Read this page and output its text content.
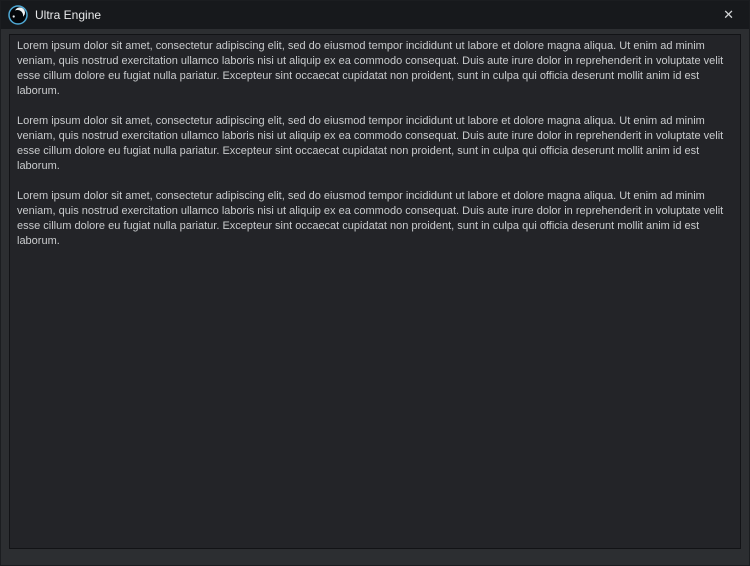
Ultra Engine	✕

Lorem ipsum dolor sit amet, consectetur adipiscing elit, sed do eiusmod tempor incididunt ut labore et dolore magna aliqua. Ut enim ad minim veniam, quis nostrud exercitation ullamco laboris nisi ut aliquip ex ea commodo consequat. Duis aute irure dolor in reprehenderit in voluptate velit esse cillum dolore eu fugiat nulla pariatur. Excepteur sint occaecat cupidatat non proident, sunt in culpa qui officia deserunt mollit anim id est laborum.

Lorem ipsum dolor sit amet, consectetur adipiscing elit, sed do eiusmod tempor incididunt ut labore et dolore magna aliqua. Ut enim ad minim veniam, quis nostrud exercitation ullamco laboris nisi ut aliquip ex ea commodo consequat. Duis aute irure dolor in reprehenderit in voluptate velit esse cillum dolore eu fugiat nulla pariatur. Excepteur sint occaecat cupidatat non proident, sunt in culpa qui officia deserunt mollit anim id est laborum.

Lorem ipsum dolor sit amet, consectetur adipiscing elit, sed do eiusmod tempor incididunt ut labore et dolore magna aliqua. Ut enim ad minim veniam, quis nostrud exercitation ullamco laboris nisi ut aliquip ex ea commodo consequat. Duis aute irure dolor in reprehenderit in voluptate velit esse cillum dolore eu fugiat nulla pariatur. Excepteur sint occaecat cupidatat non proident, sunt in culpa qui officia deserunt mollit anim id est laborum.
